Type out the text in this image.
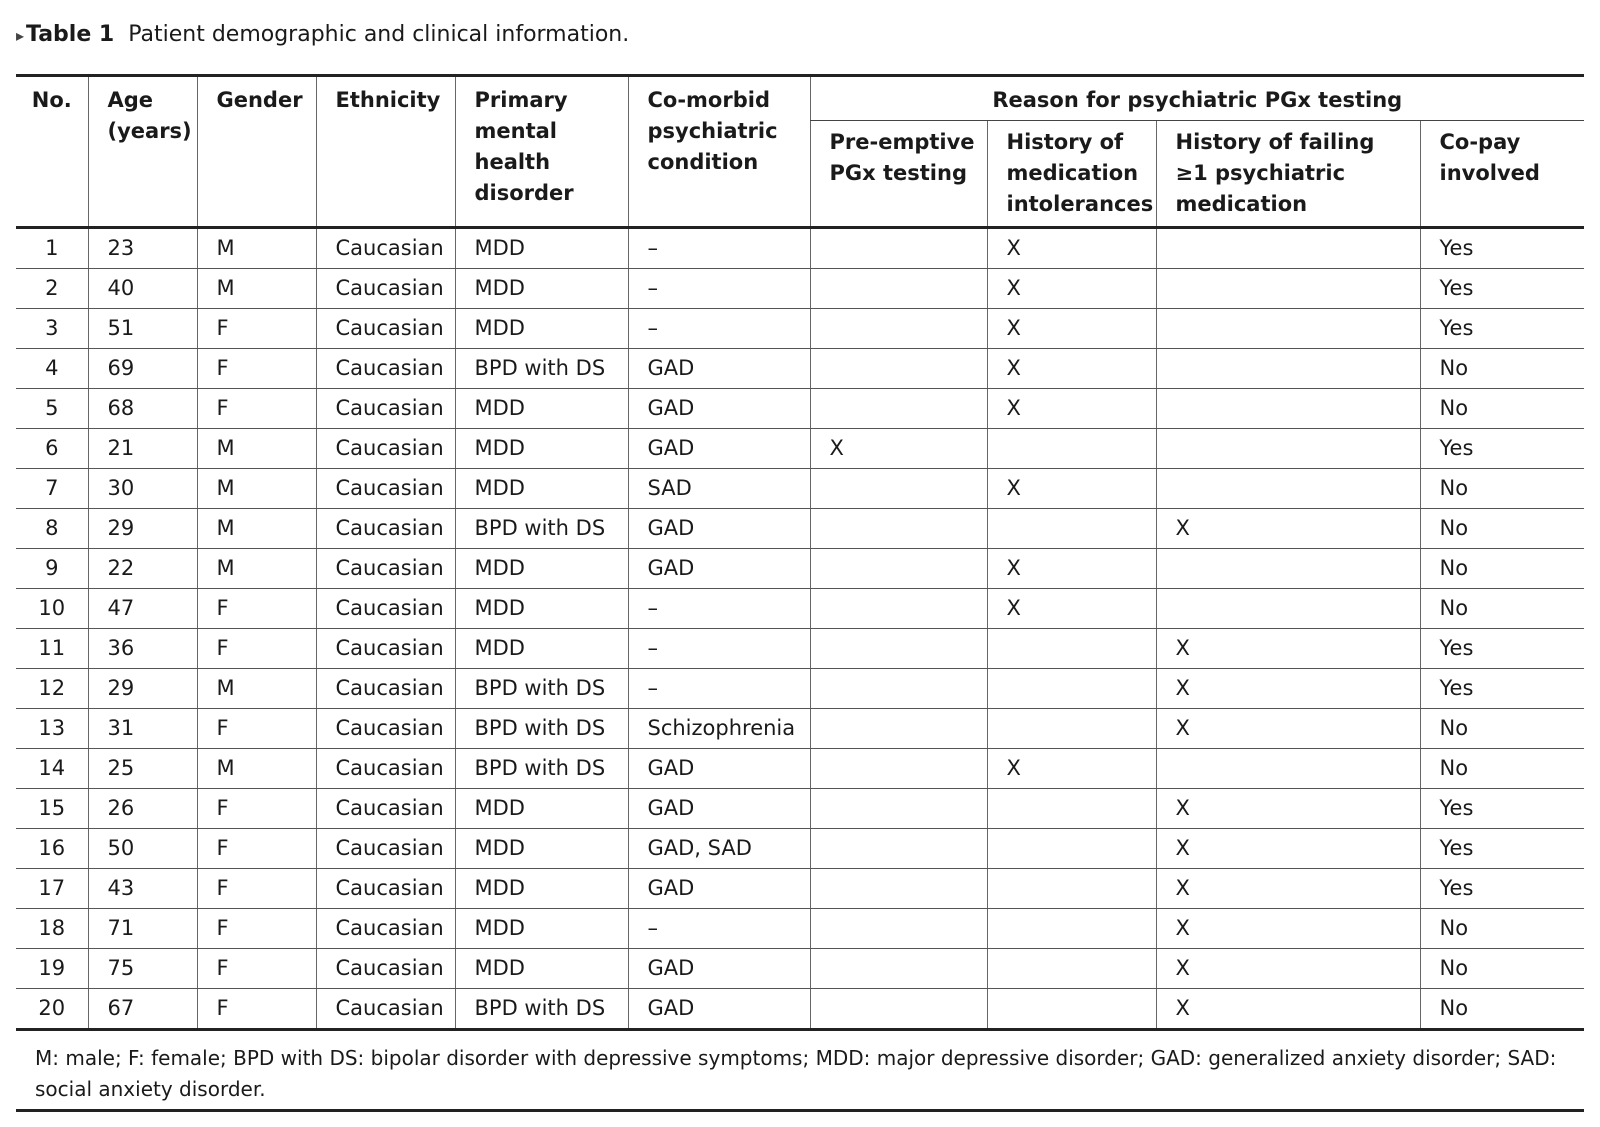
▸Table 1 Patient demographic and clinical information.
No.	Age (years)	Gender	Ethnicity	Primary mental health disorder	Co-morbid psychiatric condition	Reason for psychiatric PGx testing			
						Pre-emptive PGx testing	History of medication intolerances	History of failing ≥1 psychiatric medication	Co-pay involved
1	23	M	Caucasian	MDD	–		X		Yes
2	40	M	Caucasian	MDD	–		X		Yes
3	51	F	Caucasian	MDD	–		X		Yes
4	69	F	Caucasian	BPD with DS	GAD		X		No
5	68	F	Caucasian	MDD	GAD		X		No
6	21	M	Caucasian	MDD	GAD	X			Yes
7	30	M	Caucasian	MDD	SAD		X		No
8	29	M	Caucasian	BPD with DS	GAD			X	No
9	22	M	Caucasian	MDD	GAD		X		No
10	47	F	Caucasian	MDD	–		X		No
11	36	F	Caucasian	MDD	–			X	Yes
12	29	M	Caucasian	BPD with DS	–			X	Yes
13	31	F	Caucasian	BPD with DS	Schizophrenia			X	No
14	25	M	Caucasian	BPD with DS	GAD		X		No
15	26	F	Caucasian	MDD	GAD			X	Yes
16	50	F	Caucasian	MDD	GAD, SAD			X	Yes
17	43	F	Caucasian	MDD	GAD			X	Yes
18	71	F	Caucasian	MDD	–			X	No
19	75	F	Caucasian	MDD	GAD			X	No
20	67	F	Caucasian	BPD with DS	GAD			X	No
M: male; F: female; BPD with DS: bipolar disorder with depressive symptoms; MDD: major depressive disorder; GAD: generalized anxiety disorder; SAD: social anxiety disorder.									
